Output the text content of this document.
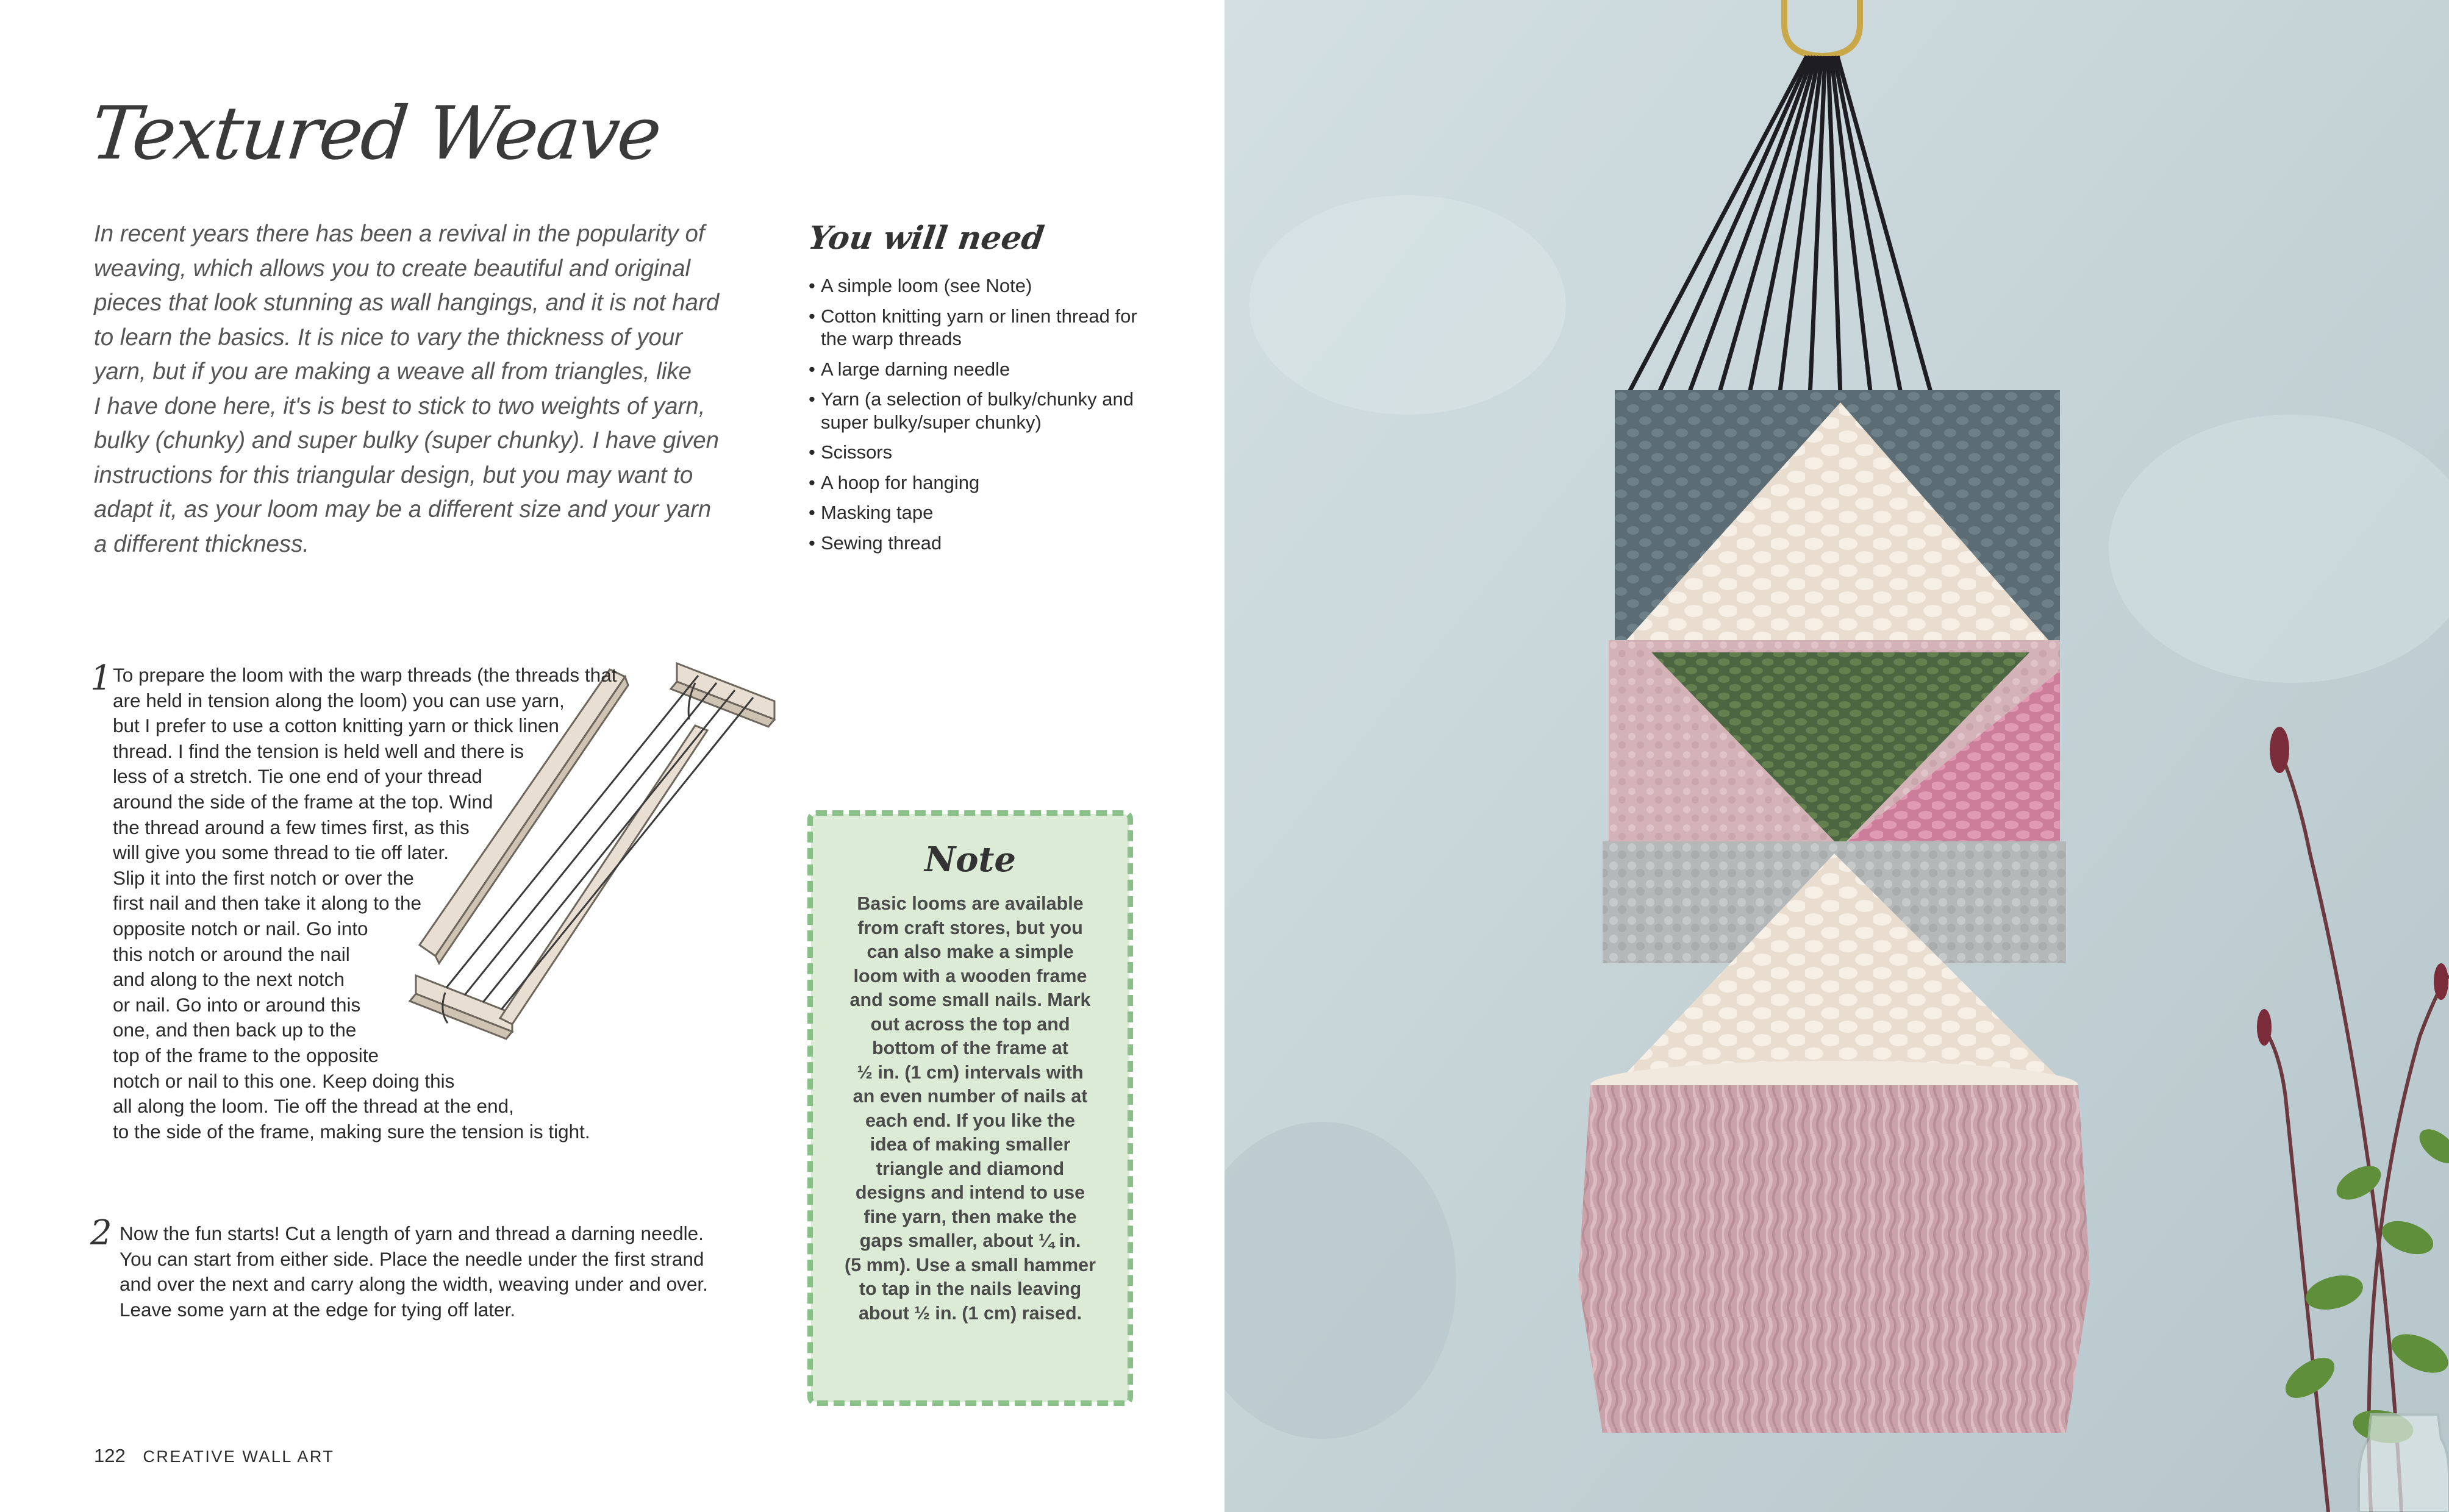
Textured Weave
In recent years there has been a revival in the popularity of
weaving, which allows you to create beautiful and original
pieces that look stunning as wall hangings, and it is not hard
to learn the basics. It is nice to vary the thickness of your
yarn, but if you are making a weave all from triangles, like
I have done here, it's is best to stick to two weights of yarn,
bulky (chunky) and super bulky (super chunky). I have given
instructions for this triangular design, but you may want to
adapt it, as your loom may be a different size and your yarn
a different thickness.
You will need
• A simple loom (see Note)
• Cotton knitting yarn or linen thread for the warp threads
• A large darning needle
• Yarn (a selection of bulky/chunky and super bulky/super chunky)
• Scissors
• A hoop for hanging
• Masking tape
• Sewing thread
1 To prepare the loom with the warp threads (the threads that
are held in tension along the loom) you can use yarn,
but I prefer to use a cotton knitting yarn or thick linen
thread. I find the tension is held well and there is
less of a stretch. Tie one end of your thread
around the side of the frame at the top. Wind
the thread around a few times first, as this
will give you some thread to tie off later.
Slip it into the first notch or over the
first nail and then take it along to the
opposite notch or nail. Go into
this notch or around the nail
and along to the next notch
or nail. Go into or around this
one, and then back up to the
top of the frame to the opposite
notch or nail to this one. Keep doing this
all along the loom. Tie off the thread at the end,
to the side of the frame, making sure the tension is tight.
2 Now the fun starts! Cut a length of yarn and thread a darning needle.
You can start from either side. Place the needle under the first strand
and over the next and carry along the width, weaving under and over.
Leave some yarn at the edge for tying off later.
Note
Basic looms are available
from craft stores, but you
can also make a simple
loom with a wooden frame
and some small nails. Mark
out across the top and
bottom of the frame at
½ in. (1 cm) intervals with
an even number of nails at
each end. If you like the
idea of making smaller
triangle and diamond
designs and intend to use
fine yarn, then make the
gaps smaller, about ¼ in.
(5 mm). Use a small hammer
to tap in the nails leaving
about ½ in. (1 cm) raised.
122 CREATIVE WALL ART
